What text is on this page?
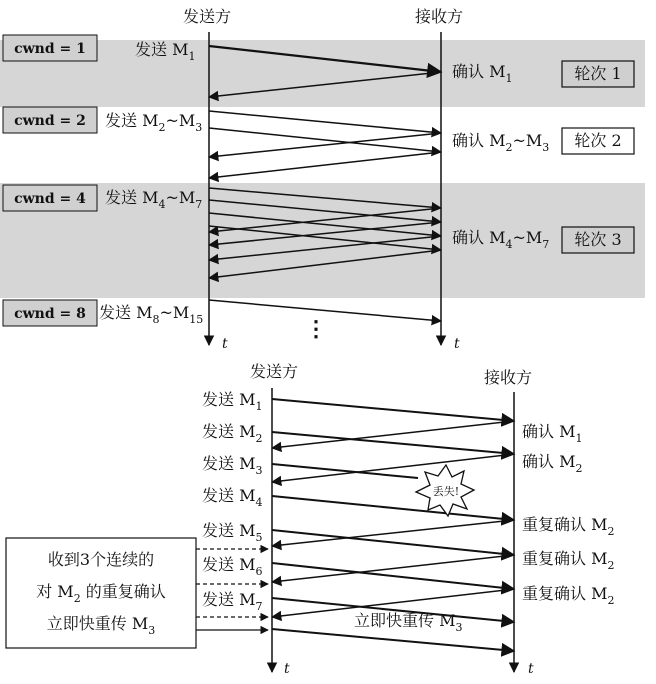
发送方	接收方
t	t
cwnd = 1
cwnd = 2
cwnd = 4
cwnd = 8
发送 $M_1$
发送 $M_2\sim M_3$
发送 $M_4\sim M_7$
发送 $M_8\sim M_{15}$
确认 $M_1$
确认 $M_2\sim M_3$
确认 $M_4\sim M_7$
轮次 1
轮次 2
轮次 3
⋮
发送方	接收方
t	t
发送 $M_1$
发送 $M_2$
发送 $M_3$
发送 $M_4$
发送 $M_5$
发送 $M_6$
发送 $M_7$
确认 $M_1$
确认 $M_2$
重复确认 $M_2$
重复确认 $M_2$
重复确认 $M_2$
立即快重传 $M_3$
丢失!
收到3个连续的
对 $M_2$ 的重复确认
立即快重传 $M_3$
